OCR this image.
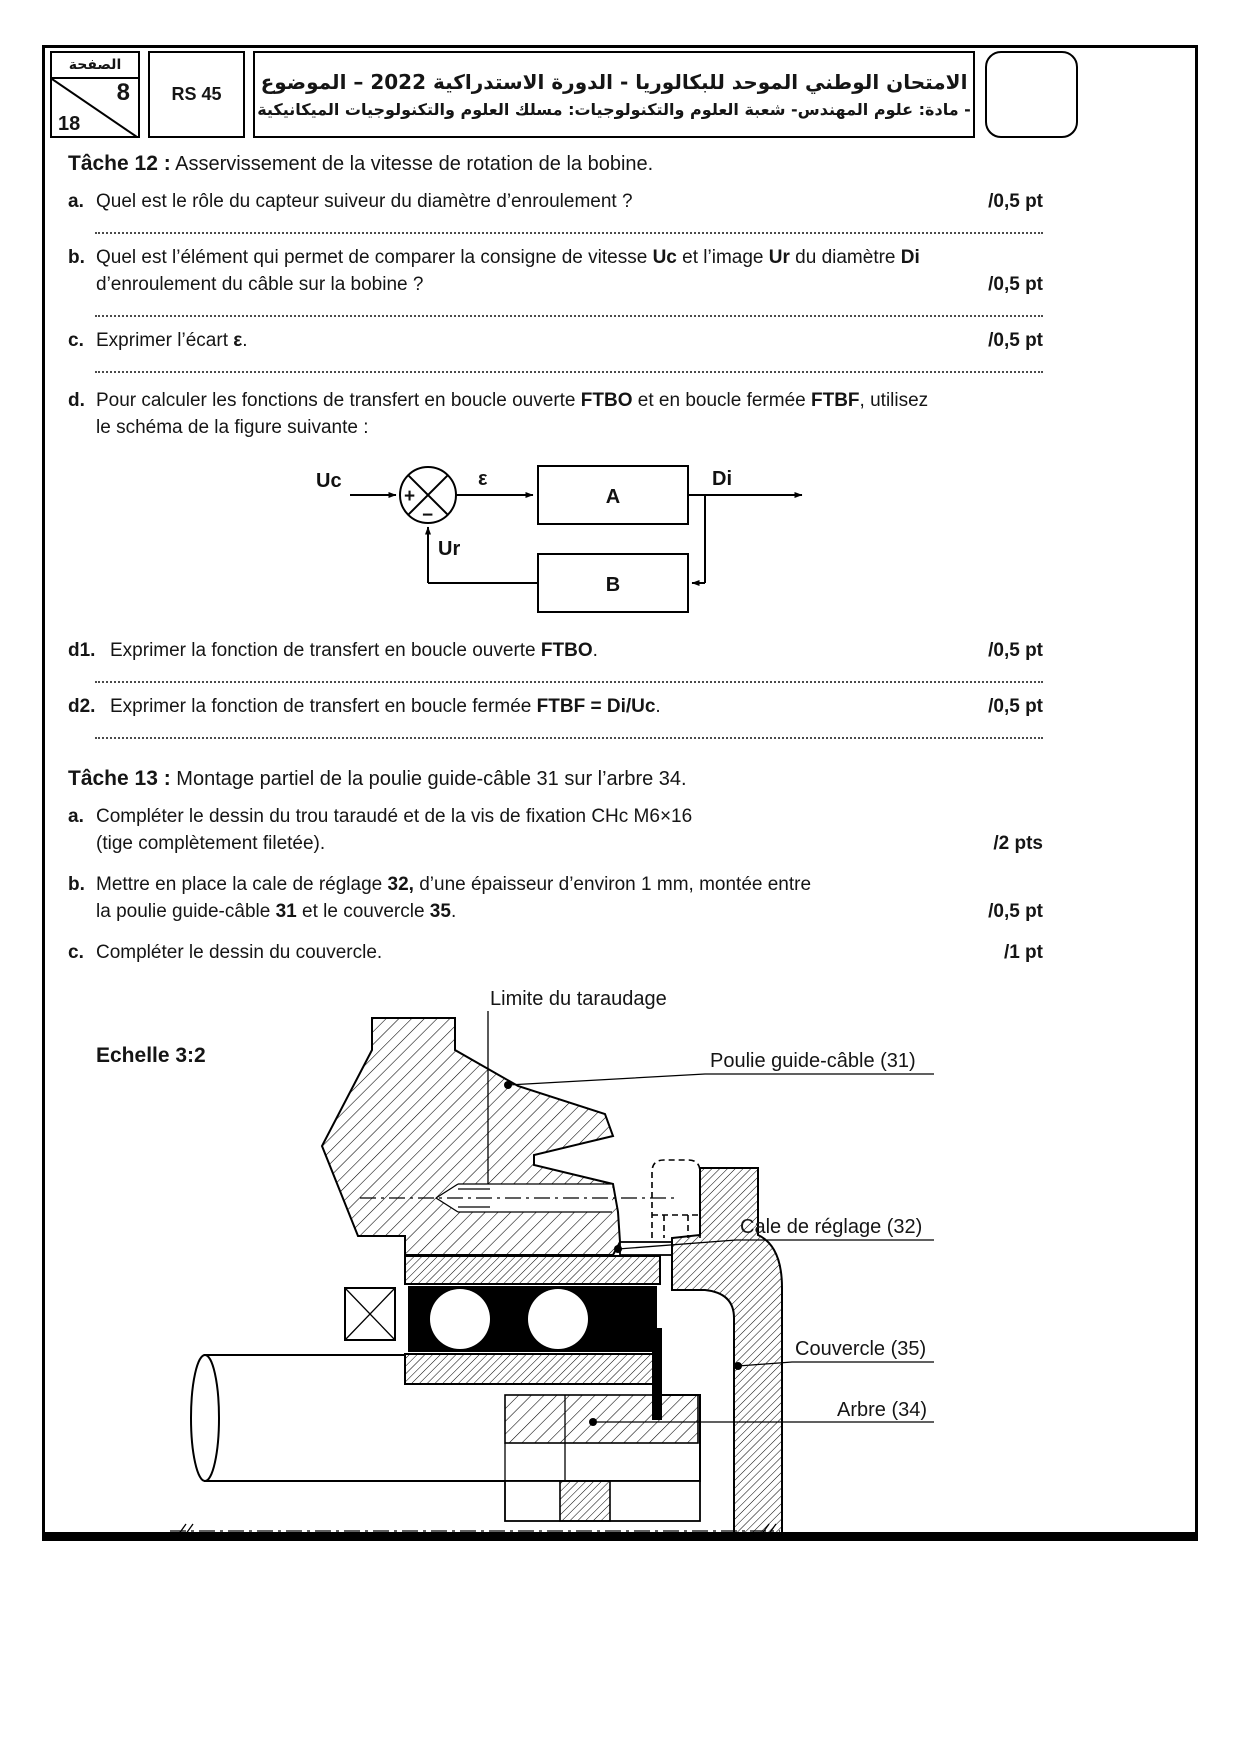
الصفحة
8
18
RS 45
الامتحان الوطني الموحد للبكالوريا - الدورة الاستدراكية 2022 – الموضوع
- مادة: علوم المهندس- شعبة العلوم والتكنولوجيات: مسلك العلوم والتكنولوجيات الميكانيكية
Tâche 12 : Asservissement de la vitesse de rotation de la bobine.
a. Quel est le rôle du capteur suiveur du diamètre d’enroulement ?	/0,5 pt
b. Quel est l’élément qui permet de comparer la consigne de vitesse Uc et l’image Ur du diamètre Di
d’enroulement du câble sur la bobine ?	/0,5 pt
c. Exprimer l’écart ε.	/0,5 pt
d. Pour calculer les fonctions de transfert en boucle ouverte FTBO et en boucle fermée FTBF, utilisez
le schéma de la figure suivante :
Uc
+
−
ε
A
Di
B
Ur
d1. Exprimer la fonction de transfert en boucle ouverte FTBO.	/0,5 pt
d2. Exprimer la fonction de transfert en boucle fermée FTBF = Di/Uc.	/0,5 pt
Tâche 13 : Montage partiel de la poulie guide-câble 31 sur l’arbre 34.
a. Compléter le dessin du trou taraudé et de la vis de fixation CHc M6×16
(tige complètement filetée).	/2 pts
b. Mettre en place la cale de réglage 32, d’une épaisseur d’environ 1 mm, montée entre
la poulie guide-câble 31 et le couvercle 35.	/0,5 pt
c. Compléter le dessin du couvercle.	/1 pt
Echelle 3:2
Limite du taraudage
Poulie guide-câble (31)
Cale de réglage (32)
Couvercle (35)
Arbre (34)
